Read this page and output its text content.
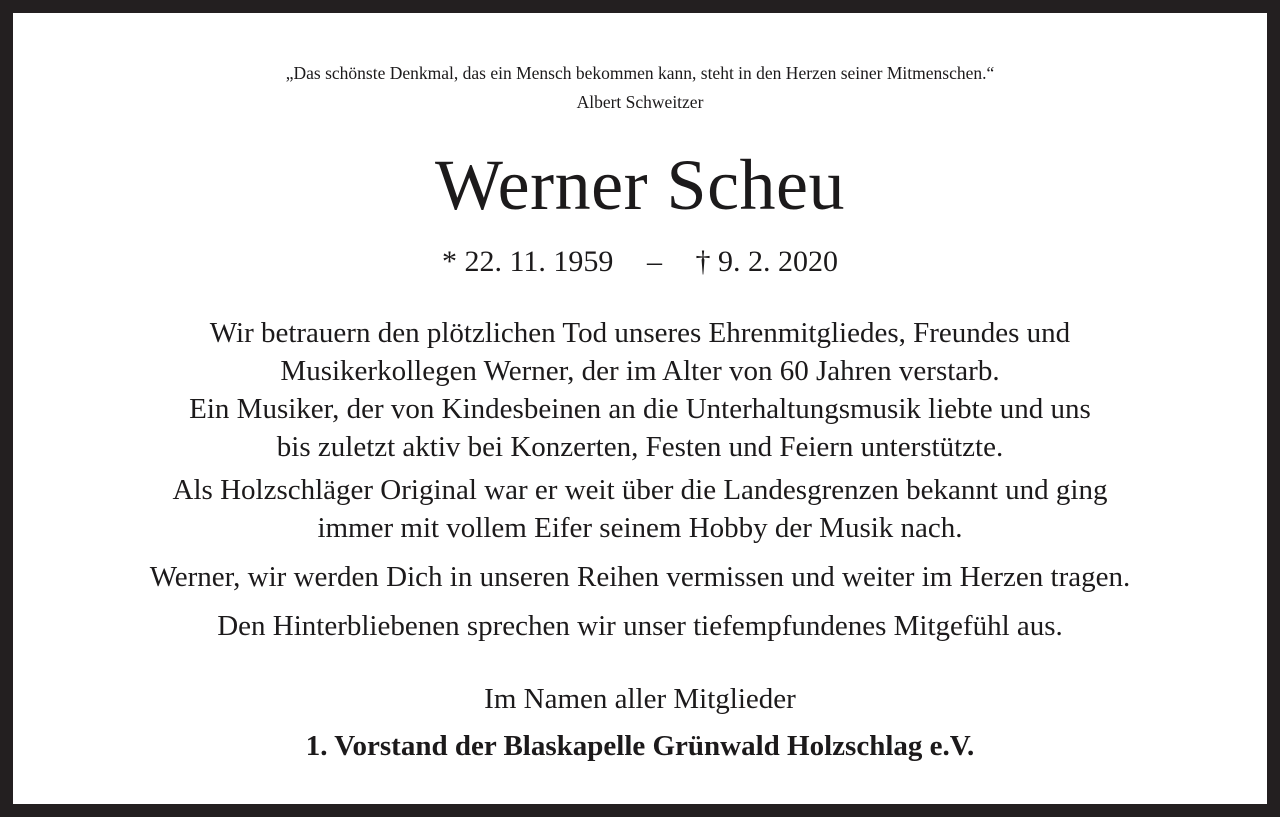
„Das schönste Denkmal, das ein Mensch bekommen kann, steht in den Herzen seiner Mitmenschen.“
Albert Schweitzer
Werner Scheu
* 22. 11. 1959 – † 9. 2. 2020
Wir betrauern den plötzlichen Tod unseres Ehrenmitgliedes, Freundes und
Musikerkollegen Werner, der im Alter von 60 Jahren verstarb.
Ein Musiker, der von Kindesbeinen an die Unterhaltungsmusik liebte und uns
bis zuletzt aktiv bei Konzerten, Festen und Feiern unterstützte.
Als Holzschläger Original war er weit über die Landesgrenzen bekannt und ging
immer mit vollem Eifer seinem Hobby der Musik nach.
Werner, wir werden Dich in unseren Reihen vermissen und weiter im Herzen tragen.
Den Hinterbliebenen sprechen wir unser tiefempfundenes Mitgefühl aus.
Im Namen aller Mitglieder
1. Vorstand der Blaskapelle Grünwald Holzschlag e.V.
